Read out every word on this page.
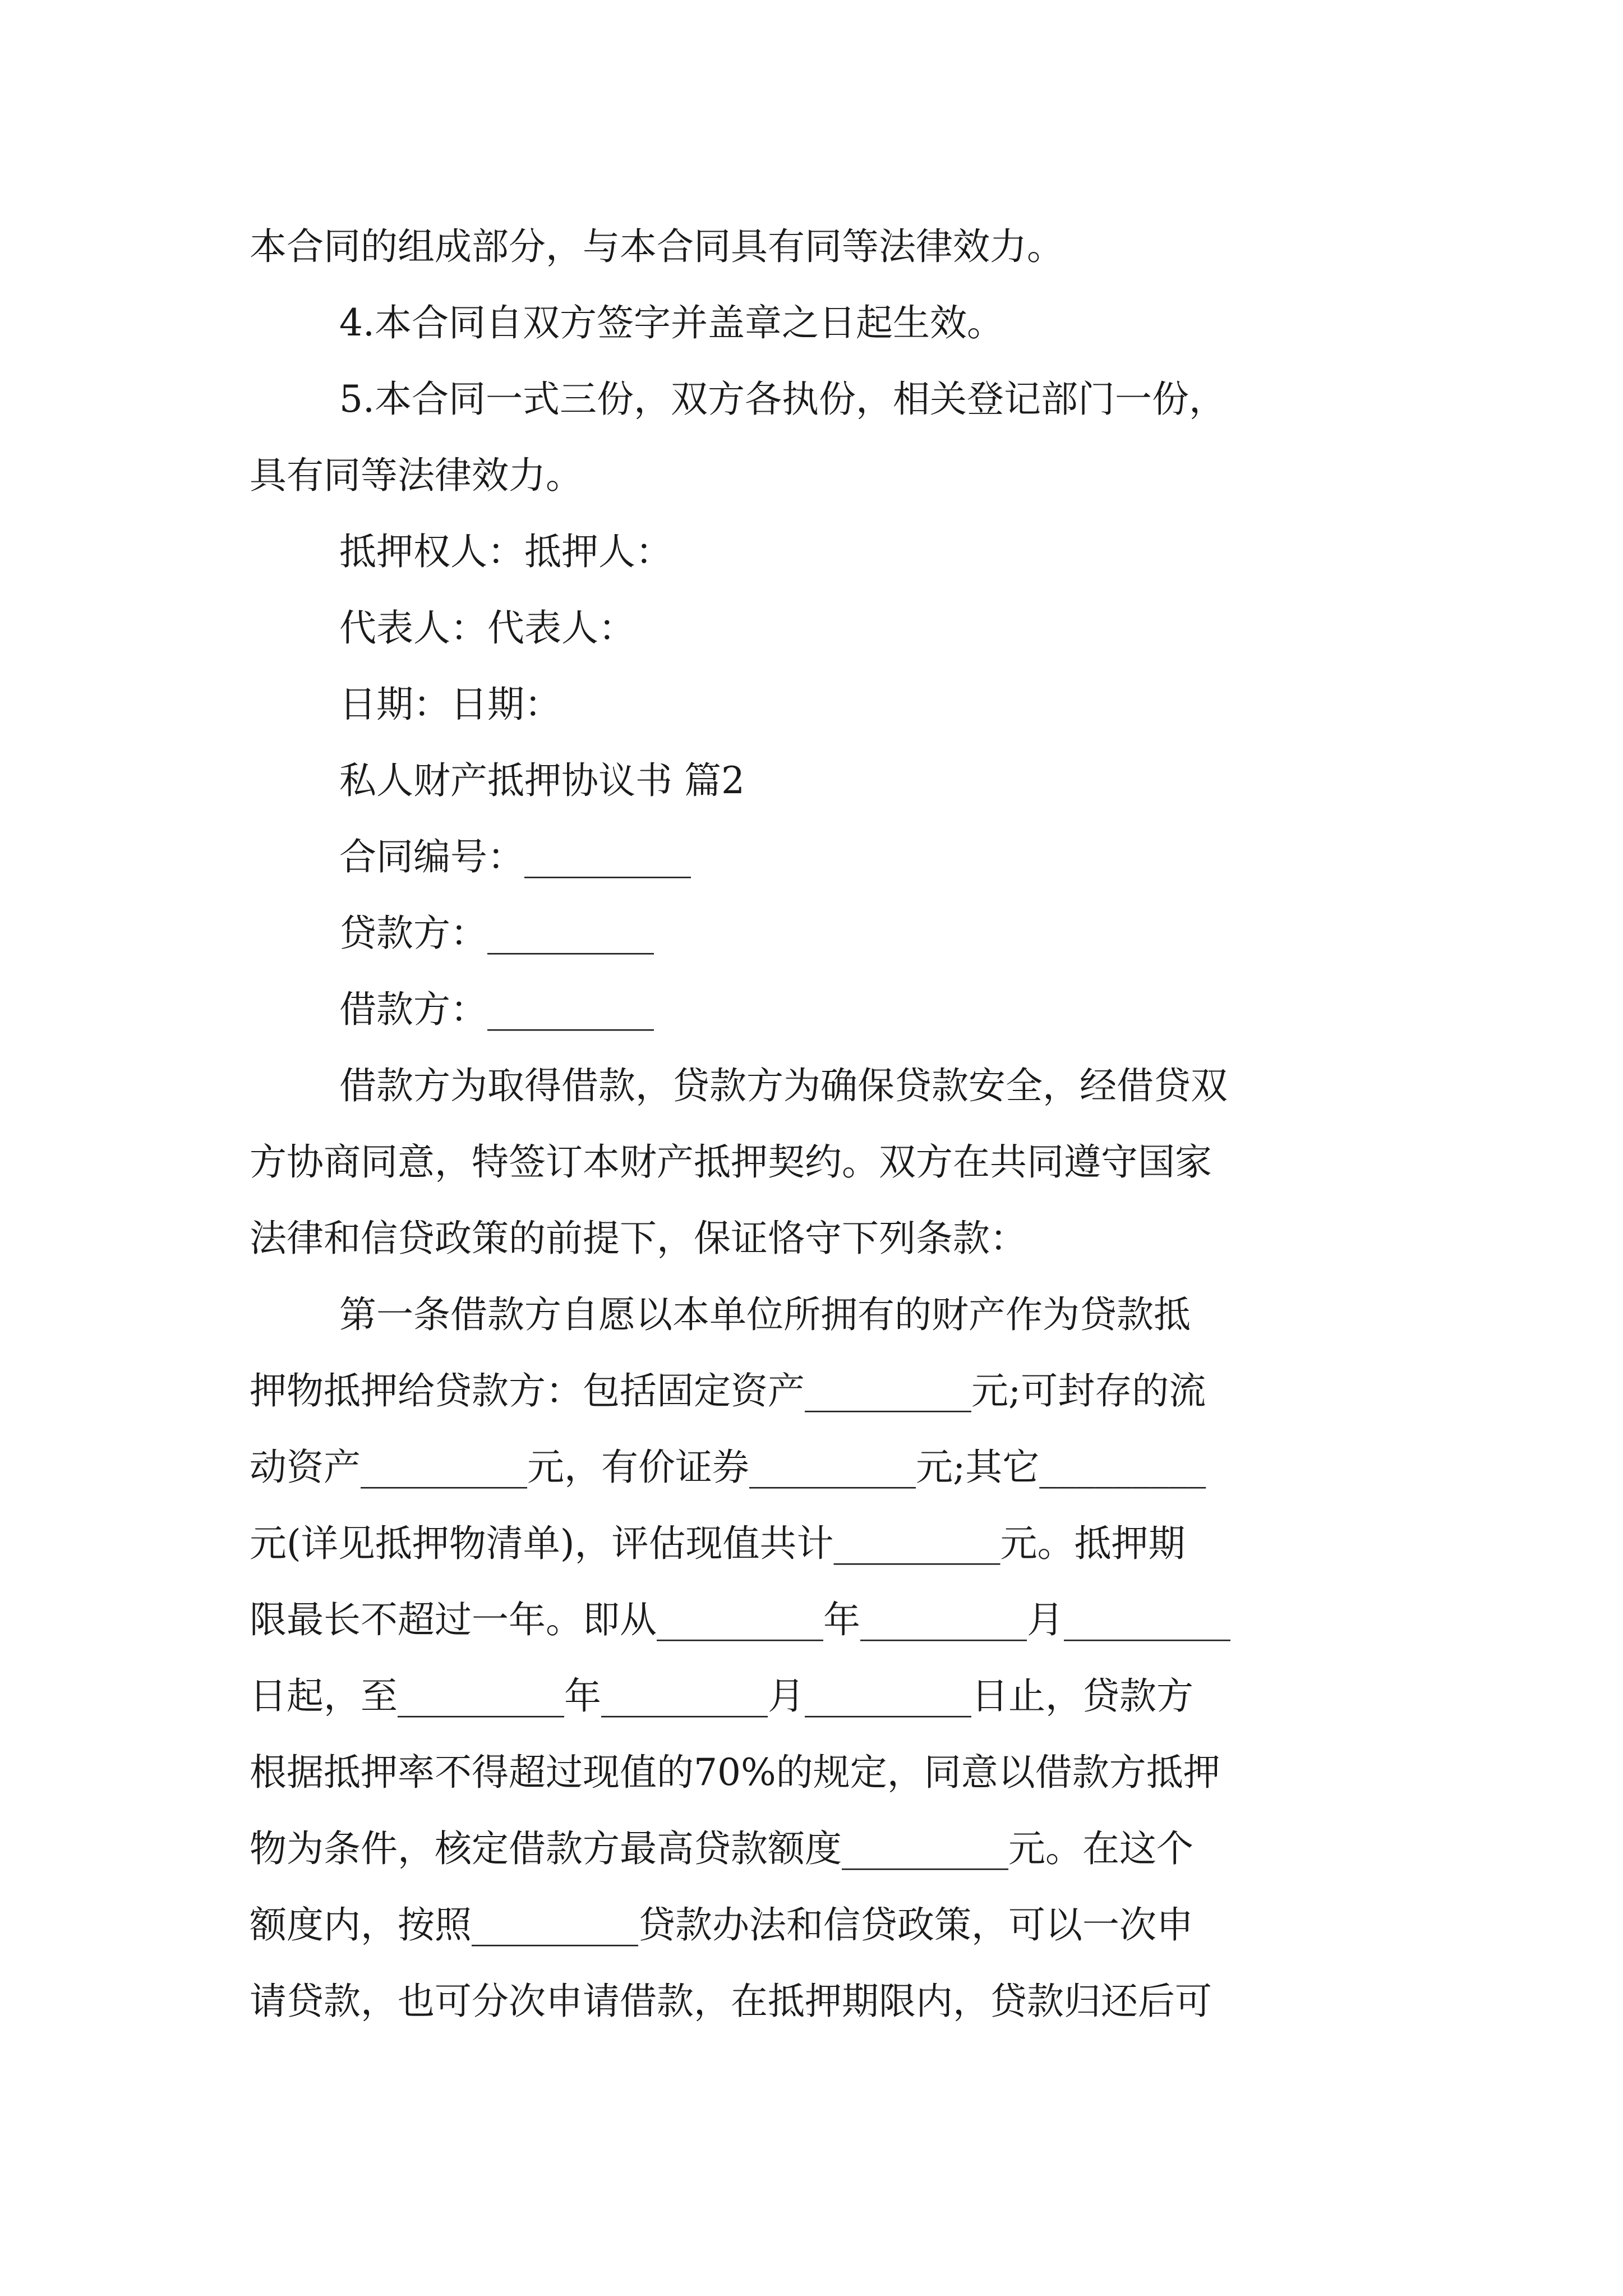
本合同的组成部分，与本合同具有同等法律效力。
4.本合同自双方签字并盖章之日起生效。
5.本合同一式三份，双方各执份，相关登记部门一份，
具有同等法律效力。
抵押权人：抵押人：
代表人：代表人：
日期：日期：
私人财产抵押协议书 篇2
合同编号：_________
贷款方：_________
借款方：_________
借款方为取得借款，贷款方为确保贷款安全，经借贷双
方协商同意，特签订本财产抵押契约。双方在共同遵守国家
法律和信贷政策的前提下，保证恪守下列条款：
第一条借款方自愿以本单位所拥有的财产作为贷款抵
押物抵押给贷款方：包括固定资产_________元;可封存的流
动资产_________元，有价证券_________元;其它_________
元(详见抵押物清单)，评估现值共计_________元。抵押期
限最长不超过一年。即从_________年_________月_________
日起，至_________年_________月_________日止，贷款方
根据抵押率不得超过现值的70%的规定，同意以借款方抵押
物为条件，核定借款方最高贷款额度_________元。在这个
额度内，按照_________贷款办法和信贷政策，可以一次申
请贷款，也可分次申请借款，在抵押期限内，贷款归还后可
